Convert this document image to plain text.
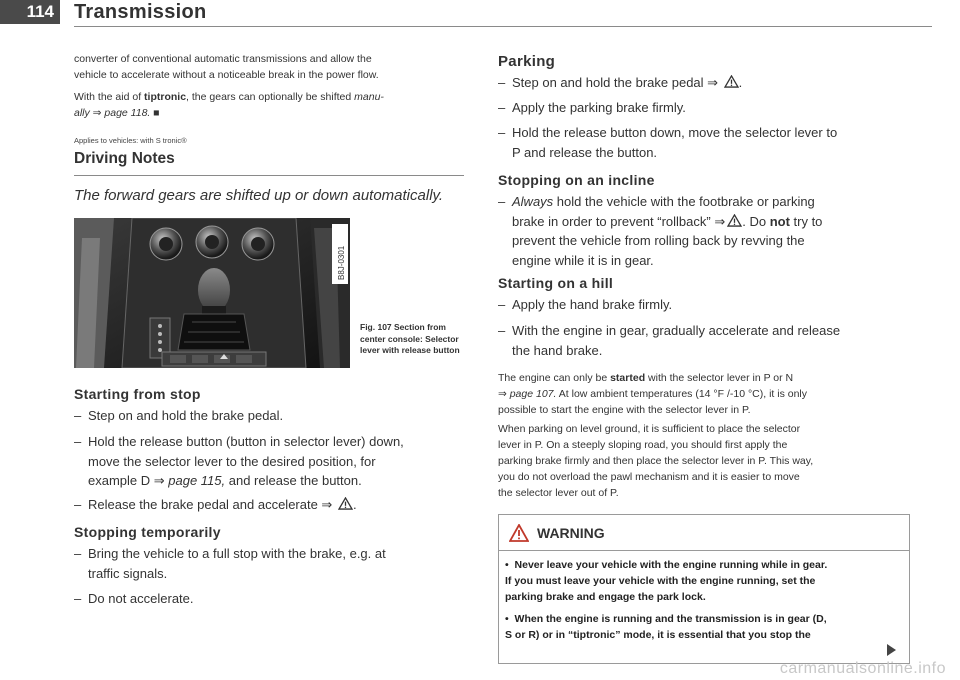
114	Transmission

converter of conventional automatic transmissions and allow the

vehicle to accelerate without a noticeable break in the power flow.

With the aid of tiptronic, the gears can optionally be shifted manu-

ally ⇒ page 118. ■

Applies to vehicles: with S tronic®

Driving Notes

The forward gears are shifted up or down automatically.

Starting from stop

– Step on and hold the brake pedal.
– Hold the release button (button in selector lever) down,
move the selector lever to the desired position, for
example D ⇒ page 115, and release the button.
– Release the brake pedal and accelerate ⇒ .

Stopping temporarily

– Bring the vehicle to a full stop with the brake, e.g. at
traffic signals.
– Do not accelerate.
B8J-0301

Fig. 107 Section from center console: Selector lever with release button

Parking

– Step on and hold the brake pedal ⇒ .
– Apply the parking brake firmly.
– Hold the release button down, move the selector lever to
P and release the button.

Stopping on an incline

– Always hold the vehicle with the footbrake or parking
brake in order to prevent “rollback” ⇒ . Do not try to
prevent the vehicle from rolling back by revving the
engine while it is in gear.

Starting on a hill

– Apply the hand brake firmly.
– With the engine in gear, gradually accelerate and release
the hand brake.
The engine can only be started with the selector lever in P or N
⇒ page 107. At low ambient temperatures (14 °F /-10 °C), it is only
possible to start the engine with the selector lever in P.
When parking on level ground, it is sufficient to place the selector
lever in P. On a steeply sloping road, you should first apply the
parking brake firmly and then place the selector lever in P. This way,
you do not overload the pawl mechanism and it is easier to move
the selector lever out of P.
WARNING
• Never leave your vehicle with the engine running while in gear.
If you must leave your vehicle with the engine running, set the
parking brake and engage the park lock.
• When the engine is running and the transmission is in gear (D,
S or R) or in “tiptronic” mode, it is essential that you stop the
carmanualsonline.info
